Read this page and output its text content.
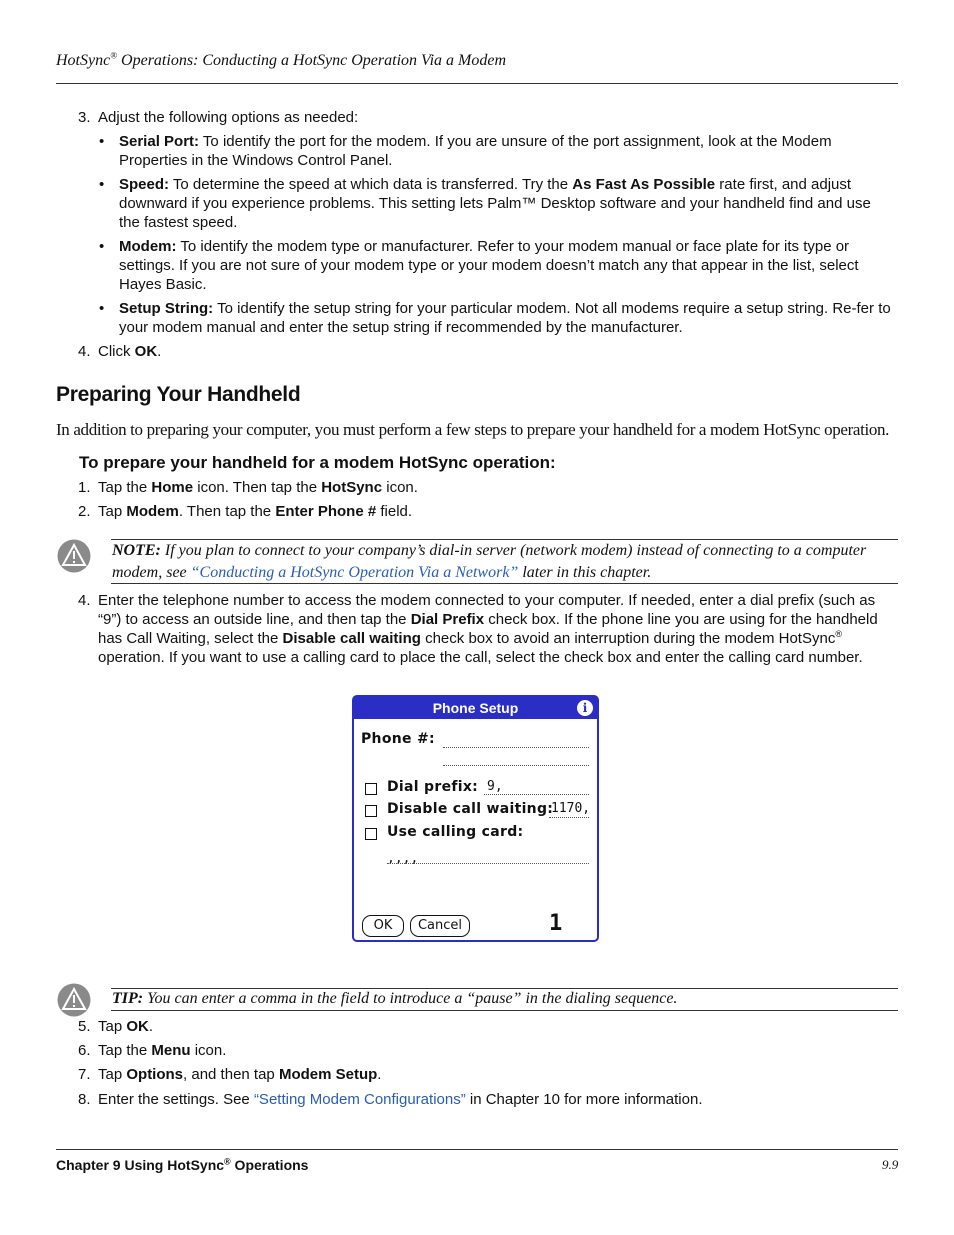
HotSync® Operations: Conducting a HotSync Operation Via a Modem
3. Adjust the following options as needed:
• Serial Port: To identify the port for the modem. If you are unsure of the port assignment, look at the Modem Properties in the Windows Control Panel.
• Speed: To determine the speed at which data is transferred. Try the As Fast As Possible rate first, and adjust downward if you experience problems. This setting lets Palm™ Desktop software and your handheld find and use the fastest speed.
• Modem: To identify the modem type or manufacturer. Refer to your modem manual or face plate for its type or settings. If you are not sure of your modem type or your modem doesn’t match any that appear in the list, select Hayes Basic.
• Setup String: To identify the setup string for your particular modem. Not all modems require a setup string. Re-fer to your modem manual and enter the setup string if recommended by the manufacturer.
4. Click OK.
Preparing Your Handheld
In addition to preparing your computer, you must perform a few steps to prepare your handheld for a modem HotSync operation.
To prepare your handheld for a modem HotSync operation:
1. Tap the Home icon. Then tap the HotSync icon.
2. Tap Modem. Then tap the Enter Phone # field.
NOTE: If you plan to connect to your company’s dial-in server (network modem) instead of connecting to a computer modem, see “Conducting a HotSync Operation Via a Network” later in this chapter.
4. Enter the telephone number to access the modem connected to your computer. If needed, enter a dial prefix (such as “9”) to access an outside line, and then tap the Dial Prefix check box. If the phone line you are using for the handheld has Call Waiting, select the Disable call waiting check box to avoid an interruption during the modem HotSync® operation. If you want to use a calling card to place the call, select the check box and enter the calling card number.
Phone Setup	i
Phone #:
Dial prefix: 9,
Disable call waiting:
1170,
Use calling card:
,,,,
OK	Cancel	1
TIP: You can enter a comma in the field to introduce a “pause” in the dialing sequence.
5. Tap OK.
6. Tap the Menu icon.
7. Tap Options, and then tap Modem Setup.
8. Enter the settings. See “Setting Modem Configurations” in Chapter 10 for more information.
Chapter 9 Using HotSync® Operations	9.9
